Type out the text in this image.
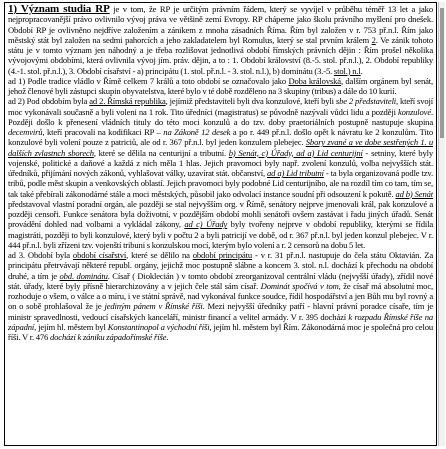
1) Význam studia RP je v tom, že RP je určitým právním řádem, který se vyvíjel v průběhu téměř 13 let a jako nejpropracovanější právo ovlivnilo vývoj práva ve většině zemí Evropy. RP chápeme jako školu právního myšlení pro dnešek. Období RP je ovlivněno nejdříve založením a zánikem z mnoha zásadních Říma. Řím byl založen v r. 753 př.n.l. Řím jako městský stát byl založen na sedmi pahorcích a jeho zakladatelem byl Romulus, který se stal prvním králem 2. Ve zánik tohoto státu je v tomto význam jen náhodný a je třeba rozlišovat jednotlivá období římských právních dějin : Řím prošel několika vývojovými obdobími, která ovlivnila vývoj jím. práv. dějin, a to : 1. Období království (8.-5. stol. př.n.l.), 2. Období republiky (4.-1. stol. př.n.l.), 3. Období císařství - a) principátu (1. stol. př.n.l. - 3. stol. n.l.), b) dominátu (3.-5. stol.) n.l.

ad 1) Podle tradice vládlo v Římě celkem 7 králů a toto období se označovalo jako Doba královská, dalším orgánem byl senát, jehož členové byli zástupci skupin obyvatelstva, které bylo v té době rozděleno na 3 skupiny (tribus) a dále do 10 kurií.

ad 2) Pod obdobím byla ad 2. Římská republika, jejímiž představiteli byli dva konzulové, kteří byli sbe 2 představiteli, kteří svojí moc vykonávali současně a byli voleni na 1 rok. Tito úředníci (magistratus) se původně nazývali vůdci lidu a později konzulové. Později došlo k přenesení vládních tituly do této moci konzulů a do tzv. doby praetoriálních postupně nastupuje skupina decemvirů, kteří pracovali na kodifikaci RP – na Zákoně 12 desek a po r. 449 př.n.l. došlo opět k návratu ke 2 konzulům. Tito konzulové byli volení pouze z patriciů, ale od r. 367 př.n.l. byl jeden konzulem plebejec. Sbory zvané a ve dobe sestřených 1. u dalších zvlastnch sborech, které se dělila na centurijní a tributní. b) Senát, c) Úřady, ad a) Lid centurijní - setniny, které byly vojenské, politické a daňové a každá z nich měla 1 hlas. Jejich pravomoci byly např. zvolení konzulů, volba nejvyšších stát. úředníků, přijímání nových zákonů, vyhlašovat války, uzavírat stát. občanství, ad a) Lid tributní - ta byla organizovaná podle tzv. tribů, podle měst skupin a venkovských oblastí. Jejich pravomoci byly podobné Lid centurijního, ale na rozdíl tím co tam, tím se, tak také přebírali zákonodárné stále a moci městských, působil jako odvolací instance soudní při odsouzení k pokutě. ad b) Senát představoval vlastní poradní orgán, ale později se stal nejvyšším org. v Římě, senátory nejprve jmenovali král, pak konzulové a později censoři. Funkce senátora byla doživotní, v pozdějším období mohli senátoři ovšem zastávat i řadu jiných úřadů. Senát provádění dohled nad volbami a vykládal zákony, ad c) Úřady byly tvořeny nejprve v období republiky, kterými se řídila magistráti, později to byli konzulové, který byli v počtu 2 a byli patricijí ve době, od r. 367 př.n.l. byl jeden konzul plebejec. V r. 444 př.n.l. byli zřízeni tzv. vojenští tribuni s konzulskou mocí, kterým bylo volení a r. 2 censorů na dobu 5 let.

ad 3. Období byla období císařství, které se dělilo na období principátu - v r. 31 př.n.l. nastupuje do čela státu Oktavián. Za principátu přetrvávají některé republ. orgány, jejichž moc postupně slábne a koncem 3. stol. n.l. dochází k přechodu na období druhé, a tím je obd. dominátu. Císař ( Dioklecián ) v tomto období zreorganizoval centrální vládu (nejvyšší úřady), zřídil nové stát. úřady, které byly přísně hierarchizovány a v jejich čele stál sám císař. Dominát spočívá v tom, že císař má absolutní moc, rozhoduje o všem, o válce a o míru, i ve státní správě, nad vykonával funkce soudce, řídil hospodářství a jen Bůh mu byl rovný a on o sobě prohlašoval že je jediným pánem v Římské říši. Mezi nejvyšší úředníky patří - hlavní právní poradce císaře, tím je ministr spravedlnosti, vedoucí císařských kanceláří, ministr financí a velitel armády. V r. 395 dochází k rozpadu Římské říše na západní, jejím hl. městem byl Konstantinopol a východní říši, jejím hl. městem byl Řím. Zákonodárná moc je společná pro celou říši. V r. 476 dochází k zániku západořímské říše.
